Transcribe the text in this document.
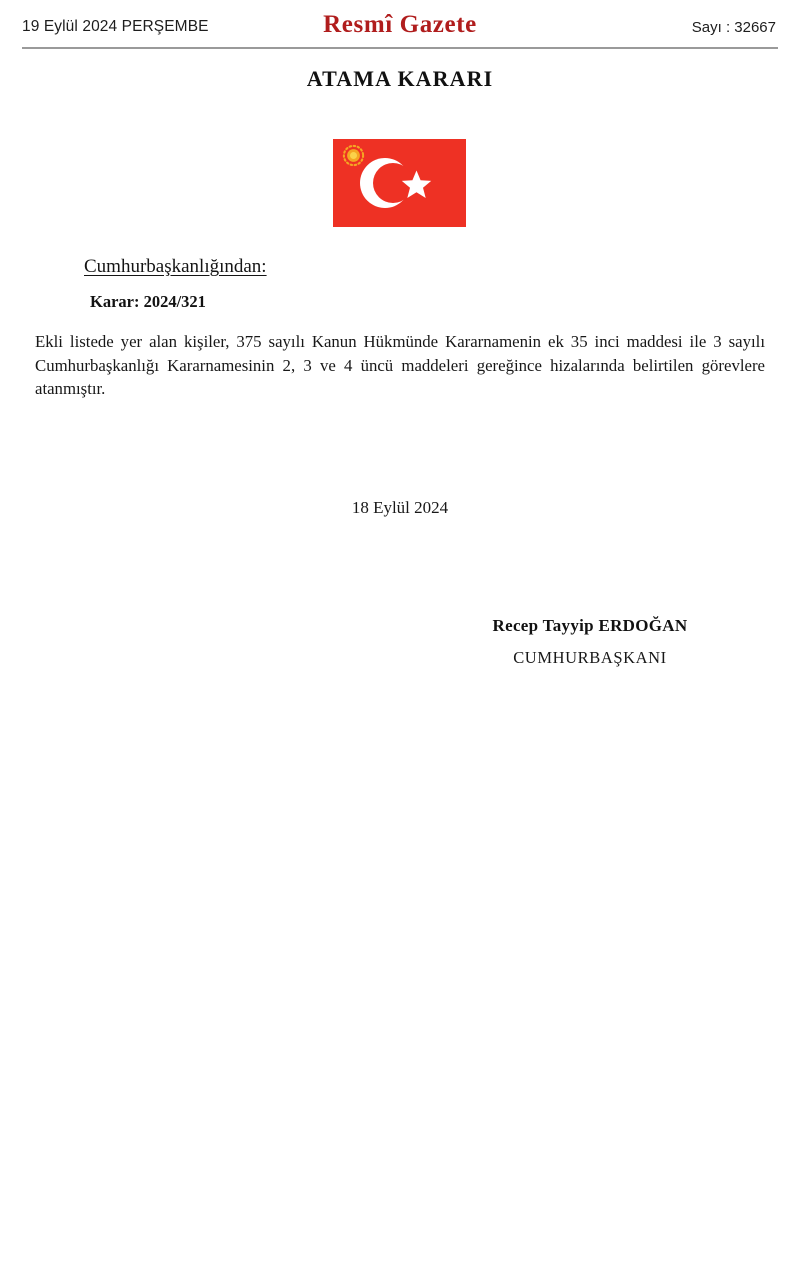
19 Eylül 2024 PERŞEMBE	Resmî Gazete	Sayı : 32667
ATAMA KARARI
Cumhurbaşkanlığından:
Karar: 2024/321
Ekli listede yer alan kişiler, 375 sayılı Kanun Hükmünde Kararnamenin ek 35 inci maddesi ile 3 sayılı Cumhurbaşkanlığı Kararnamesinin 2, 3 ve 4 üncü maddeleri gereğince hizalarında belirtilen görevlere atanmıştır.
18 Eylül 2024
Recep Tayyip ERDOĞAN
CUMHURBAŞKANI
